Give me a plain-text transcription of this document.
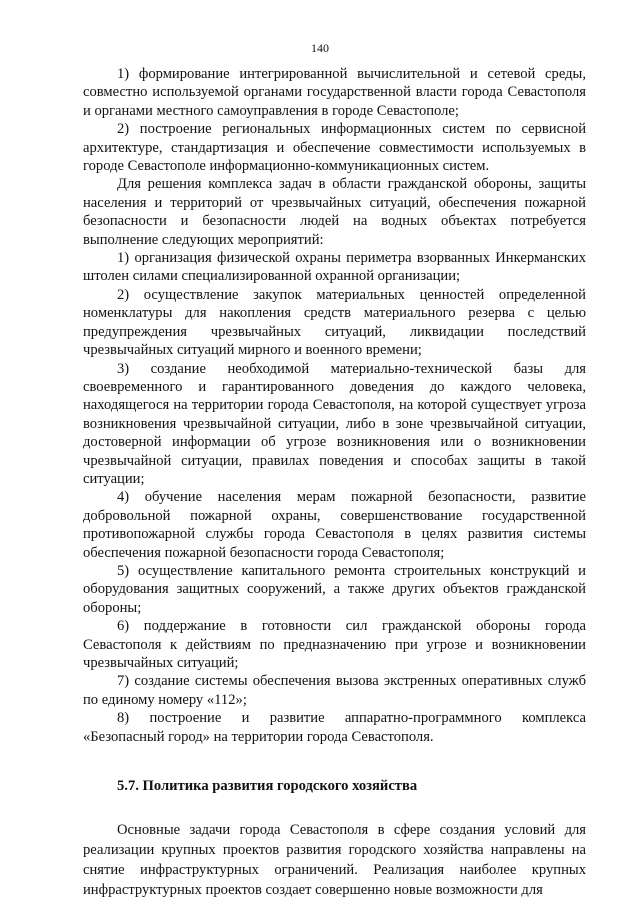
140

1) формирование интегрированной вычислительной и сетевой среды, совместно используемой органами государственной власти города Севастополя и органами местного самоуправления в городе Севастополе;

2) построение региональных информационных систем по сервисной архитектуре, стандартизация и обеспечение совместимости используемых в городе Севастополе информационно-коммуникационных систем.

Для решения комплекса задач в области гражданской обороны, защиты населения и территорий от чрезвычайных ситуаций, обеспечения пожарной безопасности и безопасности людей на водных объектах потребуется выполнение следующих мероприятий:

1) организация физической охраны периметра взорванных Инкерманских штолен силами специализированной охранной организации;

2) осуществление закупок материальных ценностей определенной номенклатуры для накопления средств материального резерва с целью предупреждения чрезвычайных ситуаций, ликвидации последствий чрезвычайных ситуаций мирного и военного времени;

3) создание необходимой материально-технической базы для своевременного и гарантированного доведения до каждого человека, находящегося на территории города Севастополя, на которой существует угроза возникновения чрезвычайной ситуации, либо в зоне чрезвычайной ситуации, достоверной информации об угрозе возникновения или о возникновении чрезвычайной ситуации, правилах поведения и способах защиты в такой ситуации;

4) обучение населения мерам пожарной безопасности, развитие добровольной пожарной охраны, совершенствование государственной противопожарной службы города Севастополя в целях развития системы обеспечения пожарной безопасности города Севастополя;

5) осуществление капитального ремонта строительных конструкций и оборудования защитных сооружений, а также других объектов гражданской обороны;

6) поддержание в готовности сил гражданской обороны города Севастополя к действиям по предназначению при угрозе и возникновении чрезвычайных ситуаций;

7) создание системы обеспечения вызова экстренных оперативных служб по единому номеру «112»;

8) построение и развитие аппаратно-программного комплекса «Безопасный город» на территории города Севастополя.

5.7. Политика развития городского хозяйства

Основные задачи города Севастополя в сфере создания условий для реализации крупных проектов развития городского хозяйства направлены на снятие инфраструктурных ограничений. Реализация наиболее крупных инфраструктурных проектов создает совершенно новые возможности для
